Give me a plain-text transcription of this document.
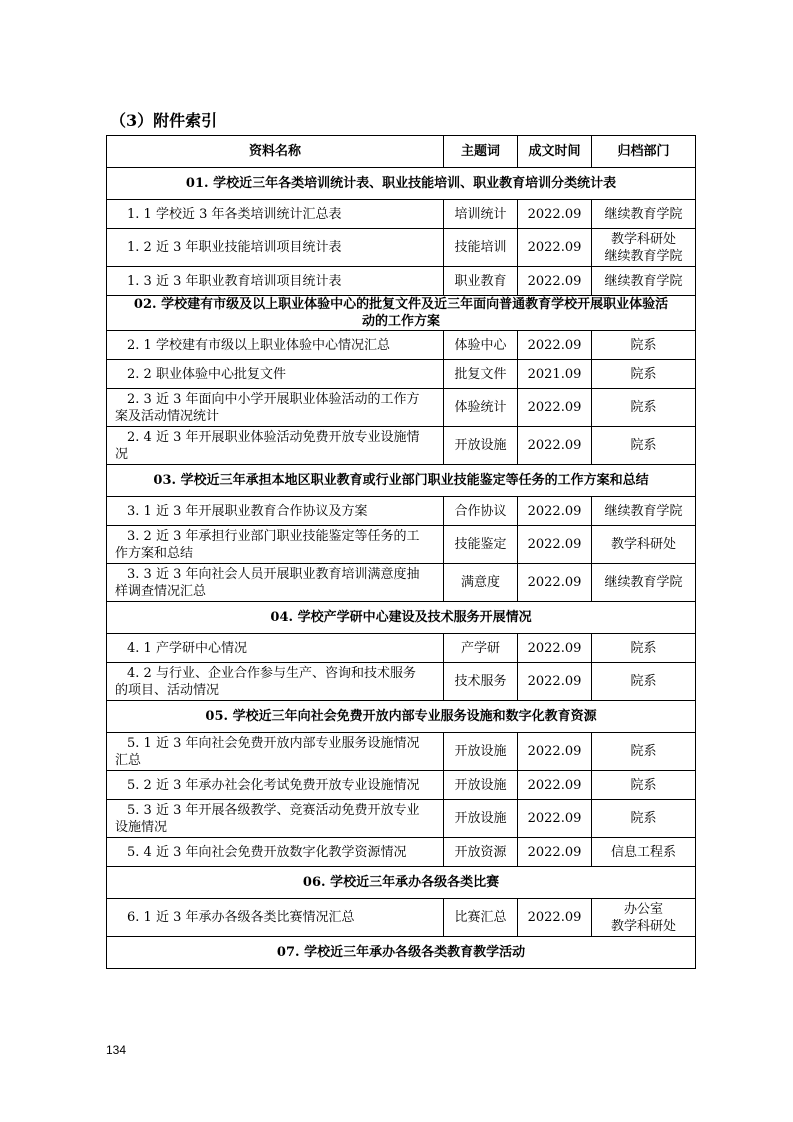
（3）附件索引
资料名称	主题词	成文时间	归档部门
01. 学校近三年各类培训统计表、职业技能培训、职业教育培训分类统计表			
1. 1 学校近 3 年各类培训统计汇总表	培训统计	2022.09	继续教育学院
1. 2 近 3 年职业技能培训项目统计表	技能培训	2022.09	教学科研处
继续教育学院
1. 3 近 3 年职业教育培训项目统计表	职业教育	2022.09	继续教育学院
02. 学校建有市级及以上职业体验中心的批复文件及近三年面向普通教育学校开展职业体验活
动的工作方案			
2. 1 学校建有市级以上职业体验中心情况汇总	体验中心	2022.09	院系
2. 2 职业体验中心批复文件	批复文件	2021.09	院系
2. 3 近 3 年面向中小学开展职业体验活动的工作方
案及活动情况统计	体验统计	2022.09	院系
2. 4 近 3 年开展职业体验活动免费开放专业设施情
况	开放设施	2022.09	院系
03. 学校近三年承担本地区职业教育或行业部门职业技能鉴定等任务的工作方案和总结			
3. 1 近 3 年开展职业教育合作协议及方案	合作协议	2022.09	继续教育学院
3. 2 近 3 年承担行业部门职业技能鉴定等任务的工
作方案和总结	技能鉴定	2022.09	教学科研处
3. 3 近 3 年向社会人员开展职业教育培训满意度抽
样调查情况汇总	满意度	2022.09	继续教育学院
04. 学校产学研中心建设及技术服务开展情况			
4. 1 产学研中心情况	产学研	2022.09	院系
4. 2 与行业、企业合作参与生产、咨询和技术服务
的项目、活动情况	技术服务	2022.09	院系
05. 学校近三年向社会免费开放内部专业服务设施和数字化教育资源			
5. 1 近 3 年向社会免费开放内部专业服务设施情况
汇总	开放设施	2022.09	院系
5. 2 近 3 年承办社会化考试免费开放专业设施情况	开放设施	2022.09	院系
5. 3 近 3 年开展各级教学、竞赛活动免费开放专业
设施情况	开放设施	2022.09	院系
5. 4 近 3 年向社会免费开放数字化教学资源情况	开放资源	2022.09	信息工程系
06. 学校近三年承办各级各类比赛			
6. 1 近 3 年承办各级各类比赛情况汇总	比赛汇总	2022.09	办公室
教学科研处
07. 学校近三年承办各级各类教育教学活动			
134
